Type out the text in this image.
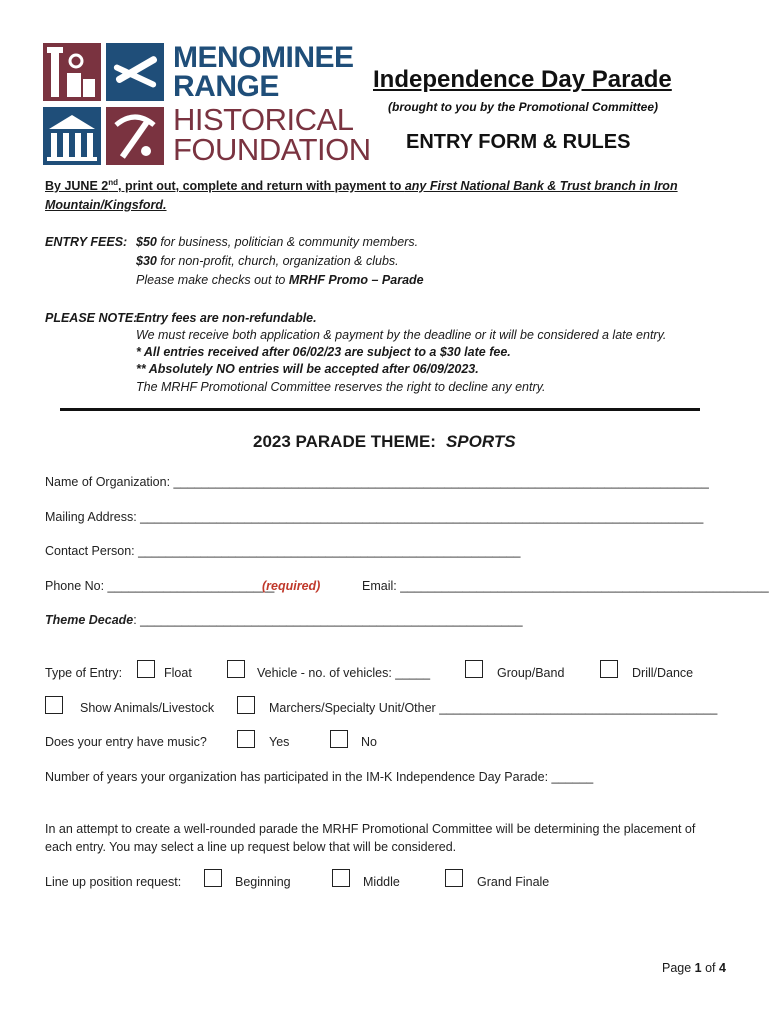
MENOMINEE
RANGE
HISTORICAL
FOUNDATION
Independence Day Parade
(brought to you by the Promotional Committee)
ENTRY FORM & RULES
By JUNE 2nd, print out, complete and return with payment to any First National Bank & Trust branch in Iron Mountain/Kingsford.
ENTRY FEES: $50 for business, politician & community members.
$30 for non-profit, church, organization & clubs.
Please make checks out to MRHF Promo – Parade
PLEASE NOTE:
Entry fees are non-refundable.
We must receive both application & payment by the deadline or it will be considered a late entry.
* All entries received after 06/02/23 are subject to a $30 late fee.
** Absolutely NO entries will be accepted after 06/09/2023.
The MRHF Promotional Committee reserves the right to decline any entry.
2023 PARADE THEME: SPORTS
Name of Organization: _____________________________________________________________________________
Mailing Address: _________________________________________________________________________________
Contact Person: _______________________________________________________
Phone No: ________________________
(required)	Email: _____________________________________________________
Theme Decade: _______________________________________________________
Type of Entry:	Float	Vehicle - no. of vehicles: _____	Group/Band	Drill/Dance
Show Animals/Livestock	Marchers/Specialty Unit/Other ________________________________________
Does your entry have music?	Yes	No
Number of years your organization has participated in the IM-K Independence Day Parade: ______
In an attempt to create a well-rounded parade the MRHF Promotional Committee will be determining the placement of
each entry. You may select a line up request below that will be considered.
Line up position request:	Beginning	Middle	Grand Finale
Page 1 of 4
